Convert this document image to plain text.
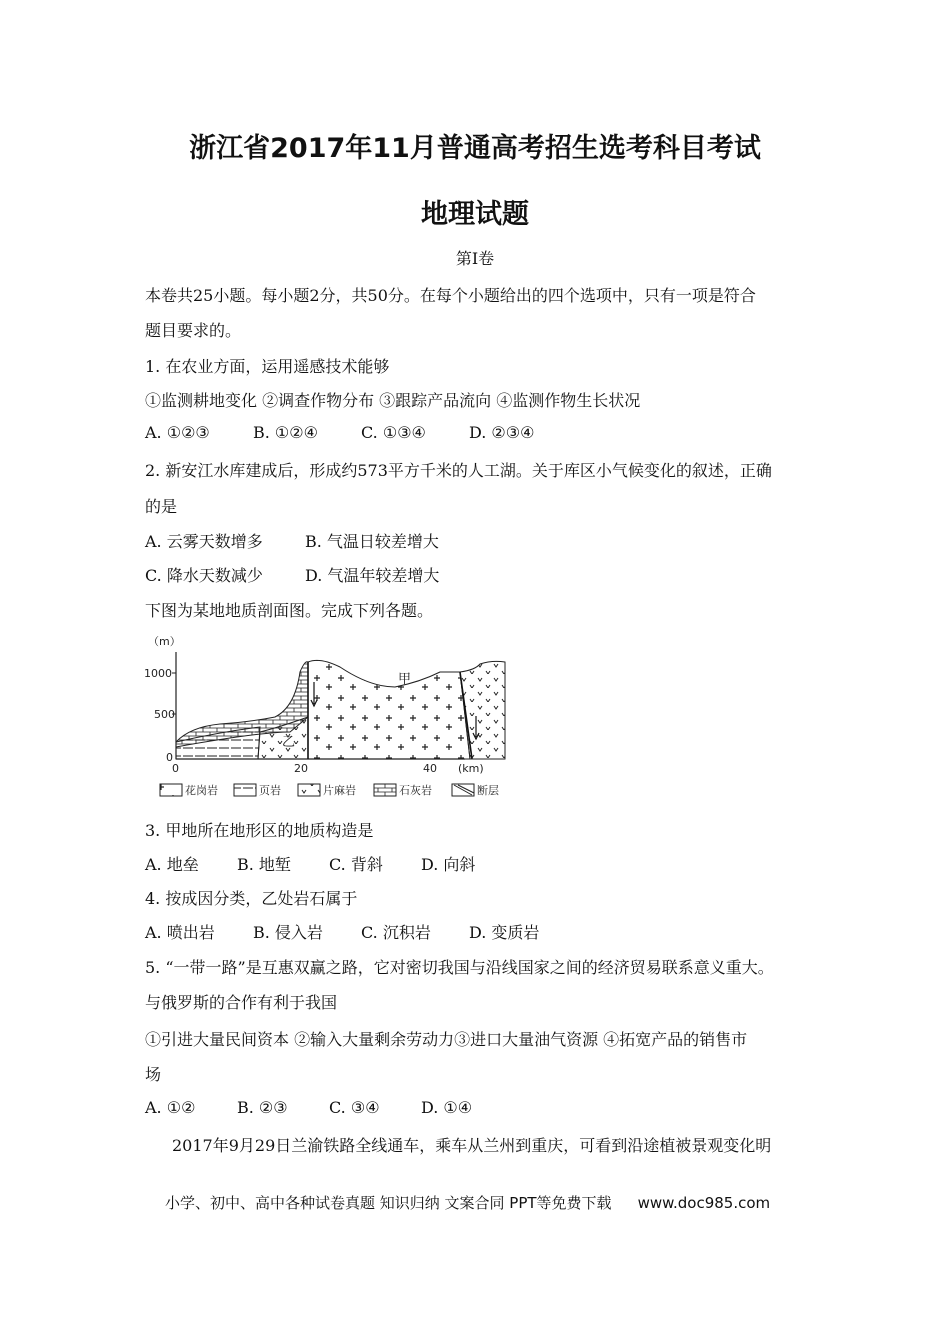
浙江省2017年11月普通高考招生选考科目考试
地理试题
第Ⅰ卷
本卷共25小题。每小题2分，共50分。在每个小题给出的四个选项中，只有一项是符合
题目要求的。
1. 在农业方面，运用遥感技术能够
①监测耕地变化 ②调查作物分布 ③跟踪产品流向 ④监测作物生长状况
A. ①②③	B. ①②④	C. ①③④	D. ②③④
2. 新安江水库建成后，形成约573平方千米的人工湖。关于库区小气候变化的叙述，正确
的是
A. 云雾天数增多	B. 气温日较差增大
C. 降水天数减少	D. 气温年较差增大
下图为某地地质剖面图。完成下列各题。
（m）
1000
500
0
0	20	40 (km)
甲
乙
花岗岩	页岩	片麻岩	石灰岩	断层
3. 甲地所在地形区的地质构造是
A. 地垒 B. 地堑 C. 背斜 D. 向斜
4. 按成因分类，乙处岩石属于
A. 喷出岩 B. 侵入岩 C. 沉积岩 D. 变质岩
5. “一带一路”是互惠双赢之路，它对密切我国与沿线国家之间的经济贸易联系意义重大。
与俄罗斯的合作有利于我国
①引进大量民间资本 ②输入大量剩余劳动力③进口大量油气资源 ④拓宽产品的销售市
场
A. ①②	B. ②③	C. ③④	D. ①④
2017年9月29日兰渝铁路全线通车，乘车从兰州到重庆，可看到沿途植被景观变化明
小学、初中、高中各种试卷真题 知识归纳 文案合同 PPT等免费下载 www.doc985.com
